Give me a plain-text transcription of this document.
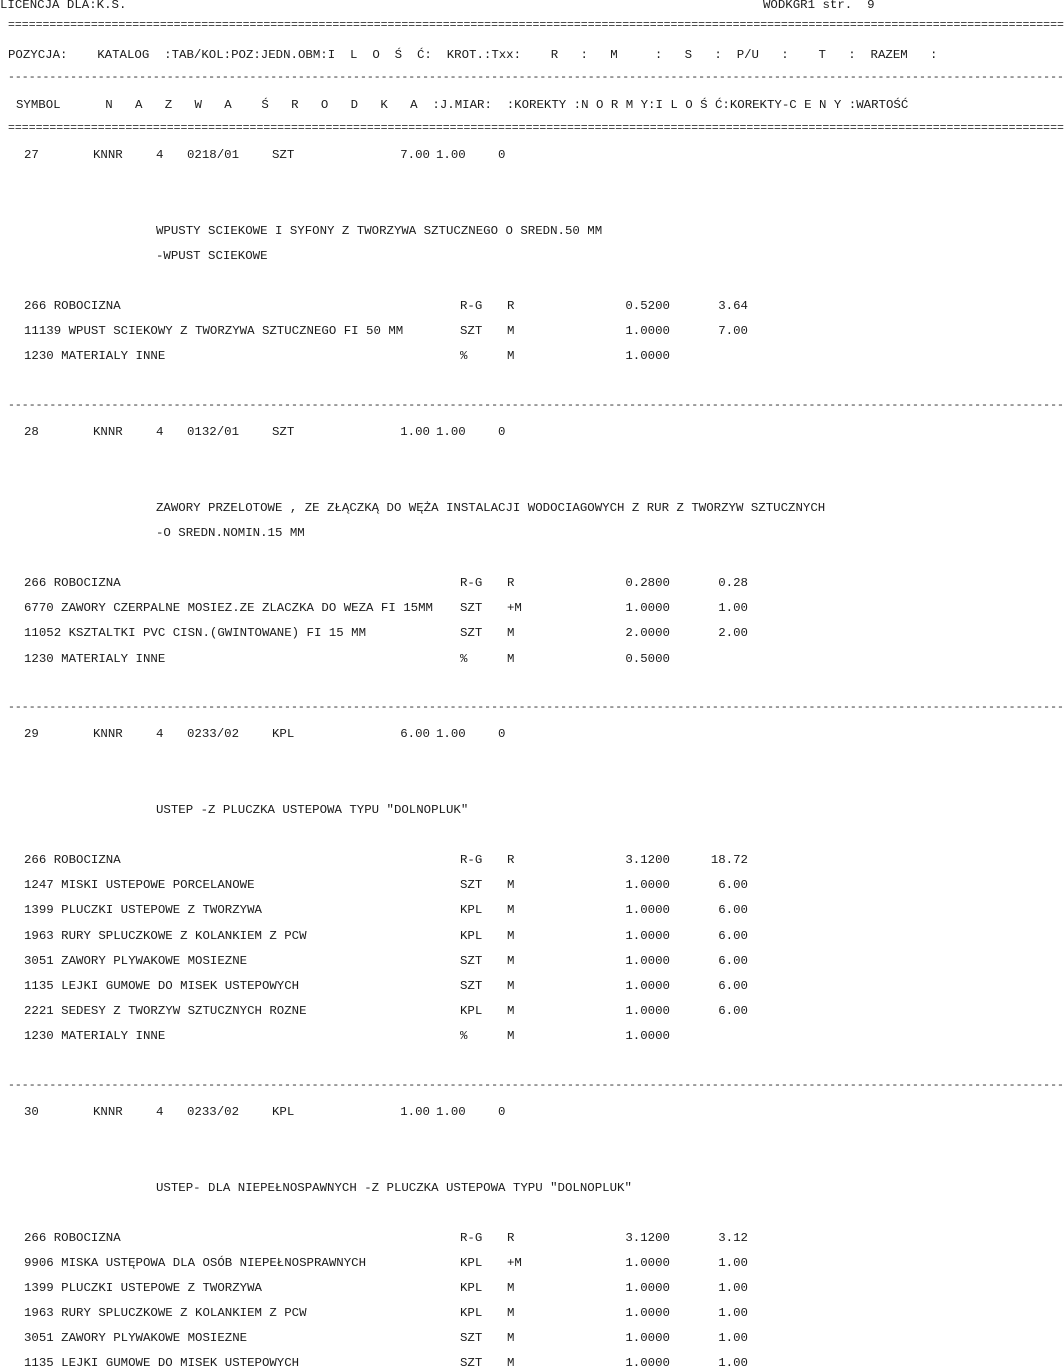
LICENCJA DLA:K.S.	WODKGR1 str.  9
=========================================================================================================================================================
POZYCJA:    KATALOG  :TAB/KOL:POZ:JEDN.OBM:I  L  O  Ś  Ć:  KROT.:Txx:    R   :   M     :   S   :  P/U   :    T   :  RAZEM   :
---------------------------------------------------------------------------------------------------------------------------------------------------------
SYMBOL      N   A   Z   W   A    Ś   R   O   D   K   A  :J.MIAR:  :KOREKTY :N O R M Y:I L O Ś Ć:KOREKTY-C E N Y :WARTOŚĆ
=========================================================================================================================================================
27	KNNR	4 0218/01	SZT	7.00 1.00	0
WPUSTY SCIEKOWE I SYFONY Z TWORZYWA SZTUCZNEGO O SREDN.50 MM
-WPUST SCIEKOWE
266 ROBOCIZNA	R-G R	0.5200	3.64
11139 WPUST SCIEKOWY Z TWORZYWA SZTUCZNEGO FI 50 MM	SZT M	1.0000	7.00
1230 MATERIALY INNE	%	M	1.0000
---------------------------------------------------------------------------------------------------------------------------------------------------------
28	KNNR	4 0132/01	SZT	1.00 1.00	0
ZAWORY PRZELOTOWE , ZE ZŁĄCZKĄ DO WĘŻA INSTALACJI WODOCIAGOWYCH Z RUR Z TWORZYW SZTUCZNYCH
-O SREDN.NOMIN.15 MM
266 ROBOCIZNA	R-G R	0.2800	0.28
6770 ZAWORY CZERPALNE MOSIEZ.ZE ZLACZKA DO WEZA FI 15MM SZT +M	1.0000	1.00
11052 KSZTALTKI PVC CISN.(GWINTOWANE) FI 15 MM	SZT M	2.0000	2.00
1230 MATERIALY INNE	%	M	0.5000
---------------------------------------------------------------------------------------------------------------------------------------------------------
29	KNNR	4 0233/02	KPL	6.00 1.00	0
USTEP -Z PLUCZKA USTEPOWA TYPU "DOLNOPLUK"
266 ROBOCIZNA	R-G R	3.1200	18.72
1247 MISKI USTEPOWE PORCELANOWE	SZT M	1.0000	6.00
1399 PLUCZKI USTEPOWE Z TWORZYWA	KPL M	1.0000	6.00
1963 RURY SPLUCZKOWE Z KOLANKIEM Z PCW	KPL M	1.0000	6.00
3051 ZAWORY PLYWAKOWE MOSIEZNE	SZT M	1.0000	6.00
1135 LEJKI GUMOWE DO MISEK USTEPOWYCH	SZT M	1.0000	6.00
2221 SEDESY Z TWORZYW SZTUCZNYCH ROZNE	KPL M	1.0000	6.00
1230 MATERIALY INNE	%	M	1.0000
---------------------------------------------------------------------------------------------------------------------------------------------------------
30	KNNR	4 0233/02	KPL	1.00 1.00	0
USTEP- DLA NIEPEŁNOSPAWNYCH -Z PLUCZKA USTEPOWA TYPU "DOLNOPLUK"
266 ROBOCIZNA	R-G R	3.1200	3.12
9906 MISKA USTĘPOWA DLA OSÓB NIEPEŁNOSPRAWNYCH	KPL +M	1.0000	1.00
1399 PLUCZKI USTEPOWE Z TWORZYWA	KPL M	1.0000	1.00
1963 RURY SPLUCZKOWE Z KOLANKIEM Z PCW	KPL M	1.0000	1.00
3051 ZAWORY PLYWAKOWE MOSIEZNE	SZT M	1.0000	1.00
1135 LEJKI GUMOWE DO MISEK USTEPOWYCH	SZT M	1.0000	1.00
